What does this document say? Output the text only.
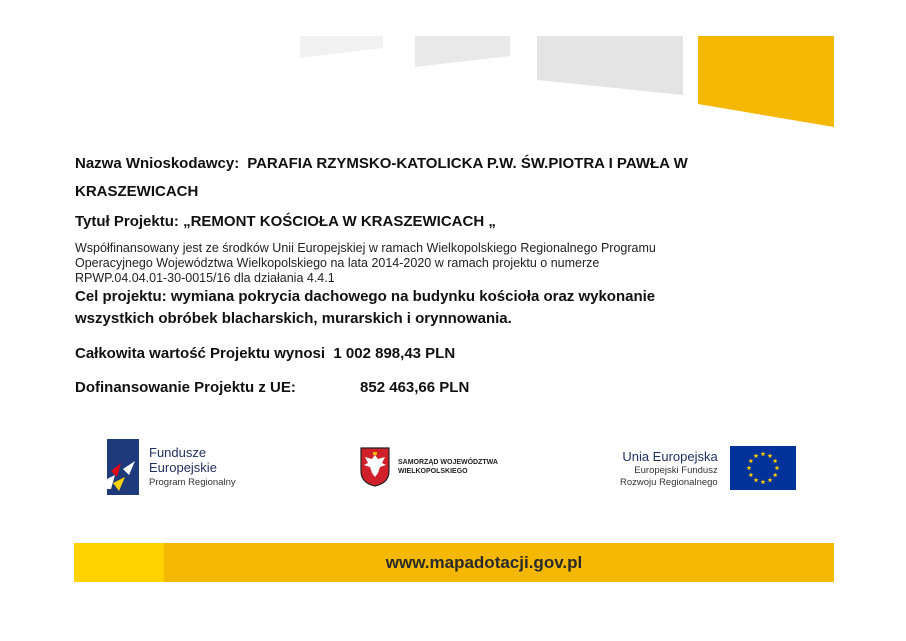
Nazwa Wnioskodawcy: PARAFIA RZYMSKO-KATOLICKA P.W. ŚW.PIOTRA I PAWŁA W
KRASZEWICACH
Tytuł Projektu: „REMONT KOŚCIOŁA W KRASZEWICACH „
Współfinansowany jest ze środków Unii Europejskiej w ramach Wielkopolskiego Regionalnego Programu
Operacyjnego Województwa Wielkopolskiego na lata 2014-2020 w ramach projektu o numerze
RPWP.04.04.01-30-0015/16 dla działania 4.4.1
Cel projektu: wymiana pokrycia dachowego na budynku kościoła oraz wykonanie
wszystkich obróbek blacharskich, murarskich i orynnowania.
Całkowita wartość Projektu wynosi 1 002 898,43 PLN
Dofinansowanie Projektu z UE:	852 463,66 PLN
Fundusze
Europejskie
Program Regionalny
SAMORZĄD WOJEWÓDZTWA
WIELKOPOLSKIEGO
Unia Europejska
Europejski Fundusz
Rozwoju Regionalnego
www.mapadotacji.gov.pl
